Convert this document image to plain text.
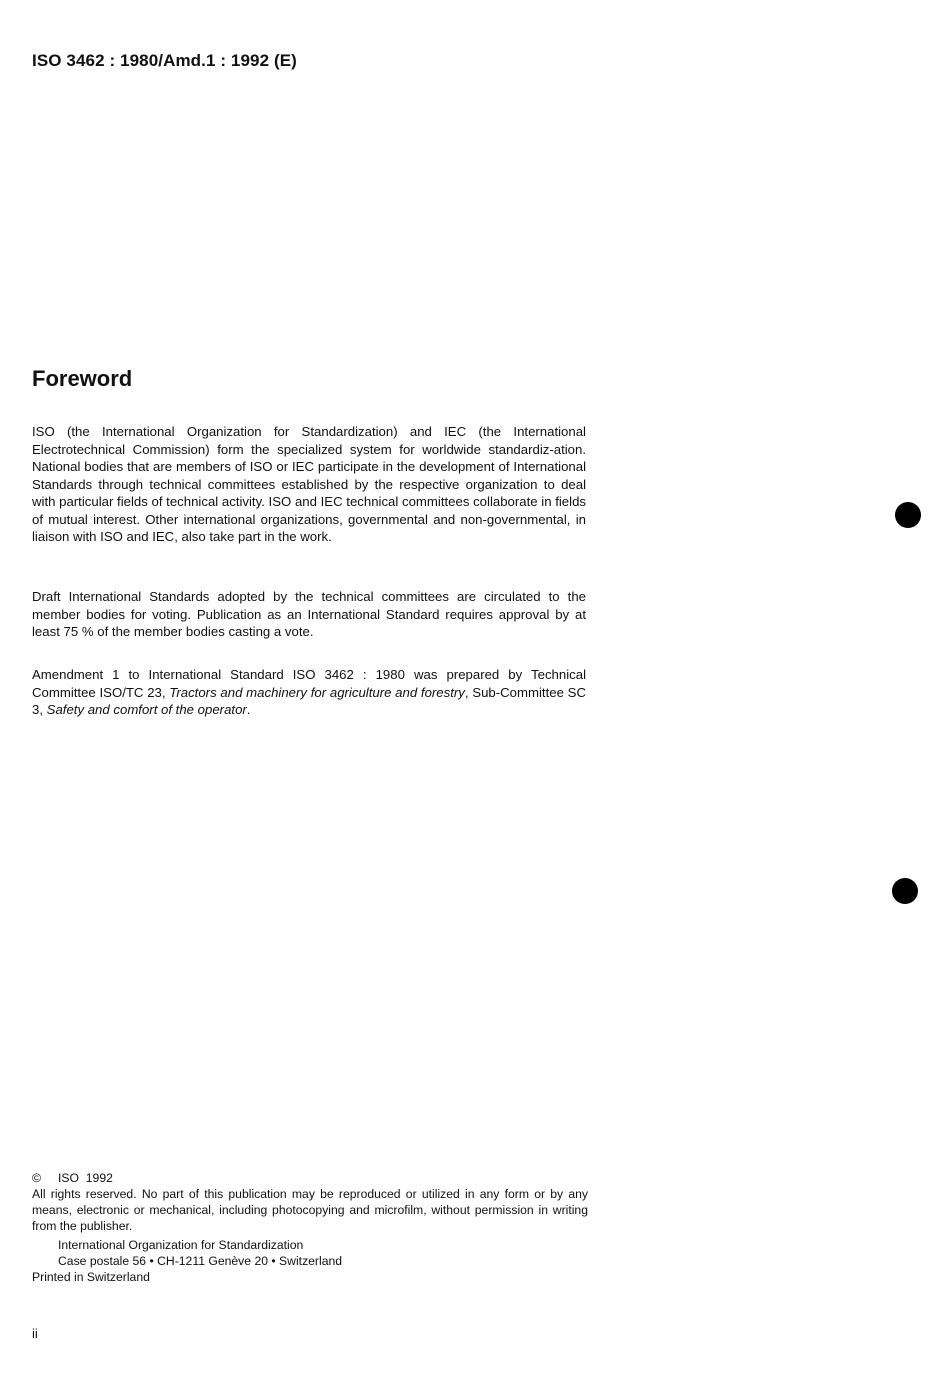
ISO 3462 : 1980/Amd.1 : 1992 (E)
Foreword

ISO (the International Organization for Standardization) and IEC (the International Electrotechnical Commission) form the specialized system for worldwide standardiz-ation. National bodies that are members of ISO or IEC participate in the development of International Standards through technical committees established by the respective organization to deal with particular fields of technical activity. ISO and IEC technical committees collaborate in fields of mutual interest. Other international organizations, governmental and non-governmental, in liaison with ISO and IEC, also take part in the work.

Draft International Standards adopted by the technical committees are circulated to the member bodies for voting. Publication as an International Standard requires approval by at least 75 % of the member bodies casting a vote.

Amendment 1 to International Standard ISO 3462 : 1980 was prepared by Technical Committee ISO/TC 23, Tractors and machinery for agriculture and forestry, Sub-Committee SC 3, Safety and comfort of the operator.

© ISO  1992
All rights reserved. No part of this publication may be reproduced or utilized in any form or by any means, electronic or mechanical, including photocopying and microfilm, without permission in writing from the publisher.
International Organization for Standardization
Case postale 56 • CH-1211 Genève 20 • Switzerland
Printed in Switzerland
ii
